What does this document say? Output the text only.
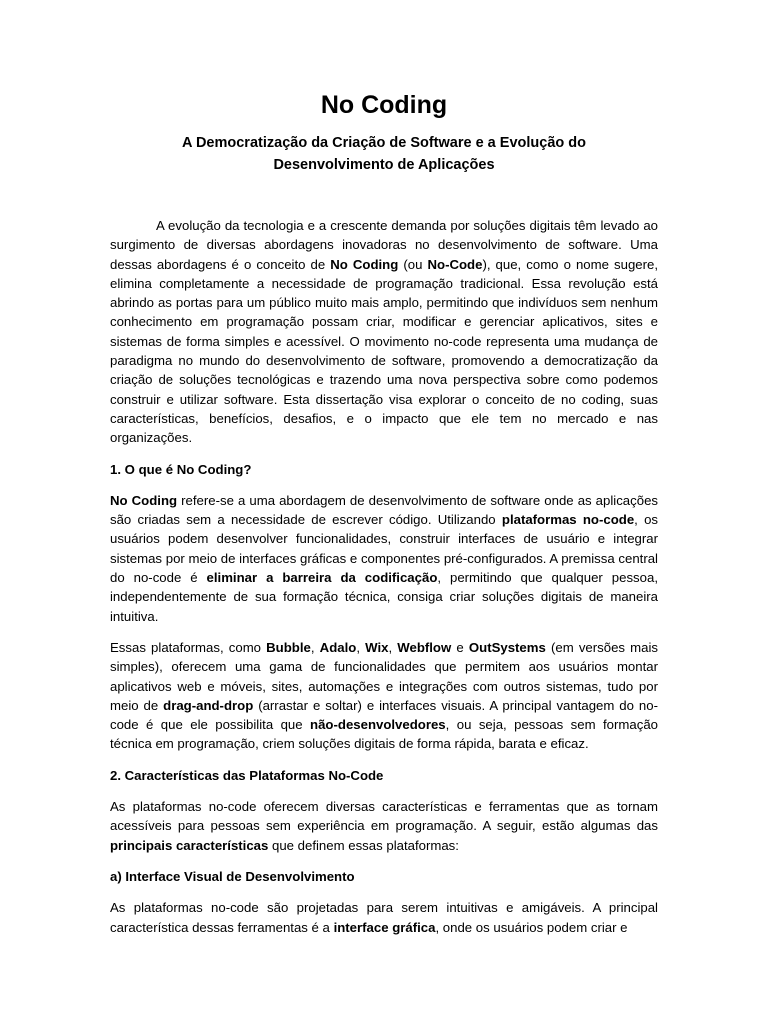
No Coding
A Democratização da Criação de Software e a Evolução do Desenvolvimento de Aplicações

A evolução da tecnologia e a crescente demanda por soluções digitais têm levado ao surgimento de diversas abordagens inovadoras no desenvolvimento de software. Uma dessas abordagens é o conceito de No Coding (ou No-Code), que, como o nome sugere, elimina completamente a necessidade de programação tradicional. Essa revolução está abrindo as portas para um público muito mais amplo, permitindo que indivíduos sem nenhum conhecimento em programação possam criar, modificar e gerenciar aplicativos, sites e sistemas de forma simples e acessível. O movimento no-code representa uma mudança de paradigma no mundo do desenvolvimento de software, promovendo a democratização da criação de soluções tecnológicas e trazendo uma nova perspectiva sobre como podemos construir e utilizar software. Esta dissertação visa explorar o conceito de no coding, suas características, benefícios, desafios, e o impacto que ele tem no mercado e nas organizações.

1. O que é No Coding?

No Coding refere-se a uma abordagem de desenvolvimento de software onde as aplicações são criadas sem a necessidade de escrever código. Utilizando plataformas no-code, os usuários podem desenvolver funcionalidades, construir interfaces de usuário e integrar sistemas por meio de interfaces gráficas e componentes pré-configurados. A premissa central do no-code é eliminar a barreira da codificação, permitindo que qualquer pessoa, independentemente de sua formação técnica, consiga criar soluções digitais de maneira intuitiva.

Essas plataformas, como Bubble, Adalo, Wix, Webflow e OutSystems (em versões mais simples), oferecem uma gama de funcionalidades que permitem aos usuários montar aplicativos web e móveis, sites, automações e integrações com outros sistemas, tudo por meio de drag-and-drop (arrastar e soltar) e interfaces visuais. A principal vantagem do no-code é que ele possibilita que não-desenvolvedores, ou seja, pessoas sem formação técnica em programação, criem soluções digitais de forma rápida, barata e eficaz.

2. Características das Plataformas No-Code

As plataformas no-code oferecem diversas características e ferramentas que as tornam acessíveis para pessoas sem experiência em programação. A seguir, estão algumas das principais características que definem essas plataformas:

a) Interface Visual de Desenvolvimento

As plataformas no-code são projetadas para serem intuitivas e amigáveis. A principal característica dessas ferramentas é a interface gráfica, onde os usuários podem criar e
